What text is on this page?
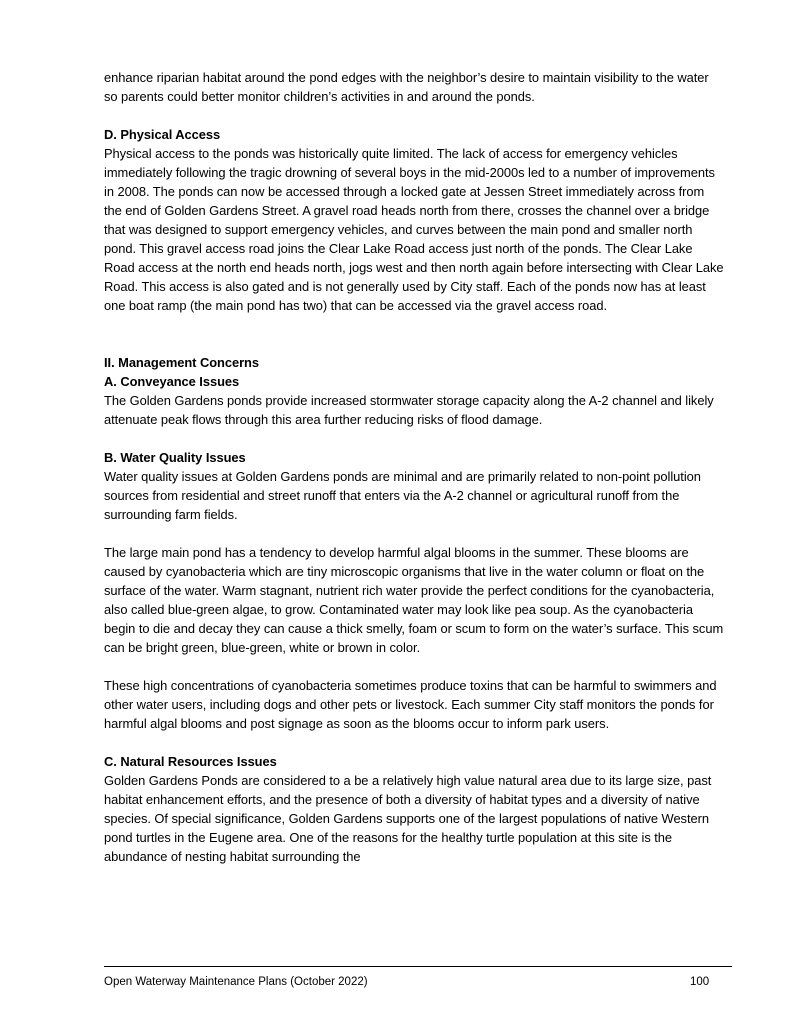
enhance riparian habitat around the pond edges with the neighbor’s desire to maintain visibility to the water so parents could better monitor children’s activities in and around the ponds.

D. Physical Access

Physical access to the ponds was historically quite limited. The lack of access for emergency vehicles immediately following the tragic drowning of several boys in the mid-2000s led to a number of improvements in 2008. The ponds can now be accessed through a locked gate at Jessen Street immediately across from the end of Golden Gardens Street. A gravel road heads north from there, crosses the channel over a bridge that was designed to support emergency vehicles, and curves between the main pond and smaller north pond. This gravel access road joins the Clear Lake Road access just north of the ponds. The Clear Lake Road access at the north end heads north, jogs west and then north again before intersecting with Clear Lake Road. This access is also gated and is not generally used by City staff. Each of the ponds now has at least one boat ramp (the main pond has two) that can be accessed via the gravel access road.

II. Management Concerns

A. Conveyance Issues

The Golden Gardens ponds provide increased stormwater storage capacity along the A-2 channel and likely attenuate peak flows through this area further reducing risks of flood damage.

B. Water Quality Issues

Water quality issues at Golden Gardens ponds are minimal and are primarily related to non-point pollution sources from residential and street runoff that enters via the A-2 channel or agricultural runoff from the surrounding farm fields.

The large main pond has a tendency to develop harmful algal blooms in the summer. These blooms are caused by cyanobacteria which are tiny microscopic organisms that live in the water column or float on the surface of the water. Warm stagnant, nutrient rich water provide the perfect conditions for the cyanobacteria, also called blue-green algae, to grow. Contaminated water may look like pea soup. As the cyanobacteria begin to die and decay they can cause a thick smelly, foam or scum to form on the water’s surface. This scum can be bright green, blue-green, white or brown in color.

These high concentrations of cyanobacteria sometimes produce toxins that can be harmful to swimmers and other water users, including dogs and other pets or livestock. Each summer City staff monitors the ponds for harmful algal blooms and post signage as soon as the blooms occur to inform park users.

C. Natural Resources Issues

Golden Gardens Ponds are considered to a be a relatively high value natural area due to its large size, past habitat enhancement efforts, and the presence of both a diversity of habitat types and a diversity of native species. Of special significance, Golden Gardens supports one of the largest populations of native Western pond turtles in the Eugene area. One of the reasons for the healthy turtle population at this site is the abundance of nesting habitat surrounding the

Open Waterway Maintenance Plans (October 2022)	100
